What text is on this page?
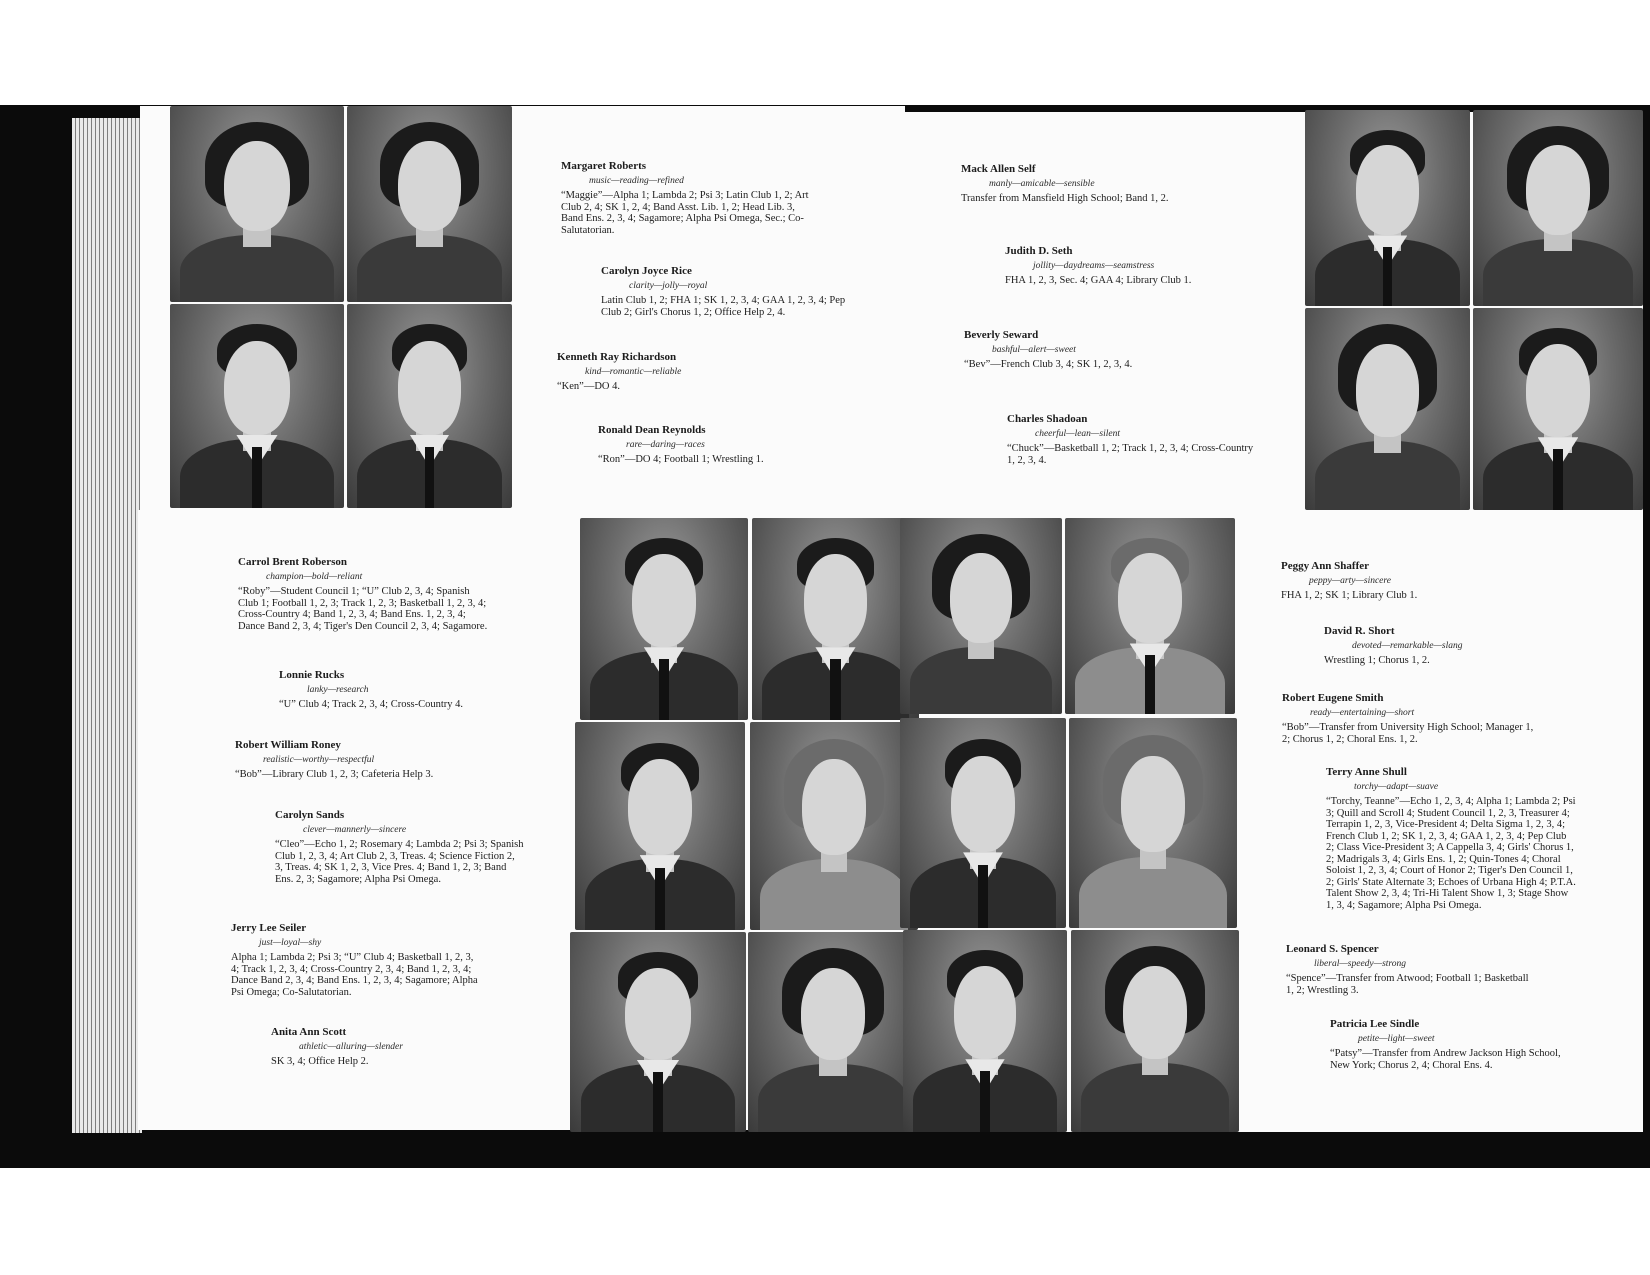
Margaret Roberts
music—reading—refined
“Maggie”—Alpha 1; Lambda 2; Psi 3; Latin Club 1, 2; Art Club 2, 4; SK 1, 2, 4; Band Asst. Lib. 1, 2; Head Lib. 3, Band Ens. 2, 3, 4; Sagamore; Alpha Psi Omega, Sec.; Co-Salutatorian.
Carolyn Joyce Rice
clarity—jolly—royal
Latin Club 1, 2; FHA 1; SK 1, 2, 3, 4; GAA 1, 2, 3, 4; Pep Club 2; Girl's Chorus 1, 2; Office Help 2, 4.
Kenneth Ray Richardson
kind—romantic—reliable
“Ken”—DO 4.
Ronald Dean Reynolds
rare—daring—races
“Ron”—DO 4; Football 1; Wrestling 1.
Mack Allen Self
manly—amicable—sensible
Transfer from Mansfield High School; Band 1, 2.
Judith D. Seth
jollity—daydreams—seamstress
FHA 1, 2, 3, Sec. 4; GAA 4; Library Club 1.
Beverly Seward
bashful—alert—sweet
“Bev”—French Club 3, 4; SK 1, 2, 3, 4.
Charles Shadoan
cheerful—lean—silent
“Chuck”—Basketball 1, 2; Track 1, 2, 3, 4; Cross-Country 1, 2, 3, 4.
Carrol Brent Roberson
champion—bold—reliant
“Roby”—Student Council 1; “U” Club 2, 3, 4; Spanish Club 1; Football 1, 2, 3; Track 1, 2, 3; Basketball 1, 2, 3, 4; Cross-Country 4; Band 1, 2, 3, 4; Band Ens. 1, 2, 3, 4; Dance Band 2, 3, 4; Tiger's Den Council 2, 3, 4; Sagamore.
Lonnie Rucks
lanky—research
“U” Club 4; Track 2, 3, 4; Cross-Country 4.
Robert William Roney
realistic—worthy—respectful
“Bob”—Library Club 1, 2, 3; Cafeteria Help 3.
Carolyn Sands
clever—mannerly—sincere
“Cleo”—Echo 1, 2; Rosemary 4; Lambda 2; Psi 3; Spanish Club 1, 2, 3, 4; Art Club 2, 3, Treas. 4; Science Fiction 2, 3, Treas. 4; SK 1, 2, 3, Vice Pres. 4; Band 1, 2, 3; Band Ens. 2, 3; Sagamore; Alpha Psi Omega.
Jerry Lee Seiler
just—loyal—shy
Alpha 1; Lambda 2; Psi 3; “U” Club 4; Basketball 1, 2, 3, 4; Track 1, 2, 3, 4; Cross-Country 2, 3, 4; Band 1, 2, 3, 4; Dance Band 2, 3, 4; Band Ens. 1, 2, 3, 4; Sagamore; Alpha Psi Omega; Co-Salutatorian.
Anita Ann Scott
athletic—alluring—slender
SK 3, 4; Office Help 2.
Peggy Ann Shaffer
peppy—arty—sincere
FHA 1, 2; SK 1; Library Club 1.
David R. Short
devoted—remarkable—slang
Wrestling 1; Chorus 1, 2.
Robert Eugene Smith
ready—entertaining—short
“Bob”—Transfer from University High School; Manager 1, 2; Chorus 1, 2; Choral Ens. 1, 2.
Terry Anne Shull
torchy—adapt—suave
“Torchy, Teanne”—Echo 1, 2, 3, 4; Alpha 1; Lambda 2; Psi 3; Quill and Scroll 4; Student Council 1, 2, 3, Treasurer 4; Terrapin 1, 2, 3, Vice-President 4; Delta Sigma 1, 2, 3, 4; French Club 1, 2; SK 1, 2, 3, 4; GAA 1, 2, 3, 4; Pep Club 2; Class Vice-President 3; A Cappella 3, 4; Girls' Chorus 1, 2; Madrigals 3, 4; Girls Ens. 1, 2; Quin-Tones 4; Choral Soloist 1, 2, 3, 4; Court of Honor 2; Tiger's Den Council 1, 2; Girls' State Alternate 3; Echoes of Urbana High 4; P.T.A. Talent Show 2, 3, 4; Tri-Hi Talent Show 1, 3; Stage Show 1, 3, 4; Sagamore; Alpha Psi Omega.
Leonard S. Spencer
liberal—speedy—strong
“Spence”—Transfer from Atwood; Football 1; Basketball 1, 2; Wrestling 3.
Patricia Lee Sindle
petite—light—sweet
“Patsy”—Transfer from Andrew Jackson High School, New York; Chorus 2, 4; Choral Ens. 4.
